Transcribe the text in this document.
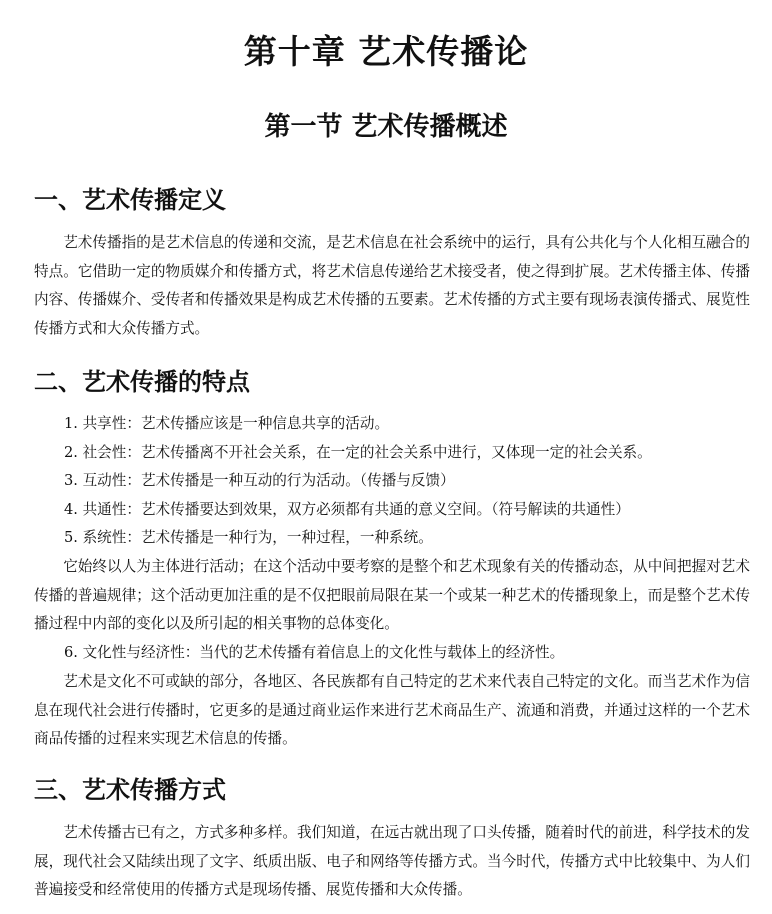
第十章 艺术传播论
第一节 艺术传播概述
一、艺术传播定义
艺术传播指的是艺术信息的传递和交流，是艺术信息在社会系统中的运行，具有公共化与个人化相互融合的特点。它借助一定的物质媒介和传播方式，将艺术信息传递给艺术接受者，使之得到扩展。艺术传播主体、传播内容、传播媒介、受传者和传播效果是构成艺术传播的五要素。艺术传播的方式主要有现场表演传播式、展览性传播方式和大众传播方式。
二、艺术传播的特点
1. 共享性：艺术传播应该是一种信息共享的活动。
2. 社会性：艺术传播离不开社会关系，在一定的社会关系中进行，又体现一定的社会关系。
3. 互动性：艺术传播是一种互动的行为活动。（传播与反馈）
4. 共通性：艺术传播要达到效果，双方必须都有共通的意义空间。（符号解读的共通性）
5. 系统性：艺术传播是一种行为，一种过程，一种系统。
它始终以人为主体进行活动；在这个活动中要考察的是整个和艺术现象有关的传播动态，从中间把握对艺术传播的普遍规律；这个活动更加注重的是不仅把眼前局限在某一个或某一种艺术的传播现象上，而是整个艺术传播过程中内部的变化以及所引起的相关事物的总体变化。
6. 文化性与经济性：当代的艺术传播有着信息上的文化性与载体上的经济性。
艺术是文化不可或缺的部分，各地区、各民族都有自己特定的艺术来代表自己特定的文化。而当艺术作为信息在现代社会进行传播时，它更多的是通过商业运作来进行艺术商品生产、流通和消费，并通过这样的一个艺术商品传播的过程来实现艺术信息的传播。
三、艺术传播方式
艺术传播古已有之，方式多种多样。我们知道，在远古就出现了口头传播，随着时代的前进，科学技术的发展，现代社会又陆续出现了文字、纸质出版、电子和网络等传播方式。当今时代，传播方式中比较集中、为人们普遍接受和经常使用的传播方式是现场传播、展览传播和大众传播。
